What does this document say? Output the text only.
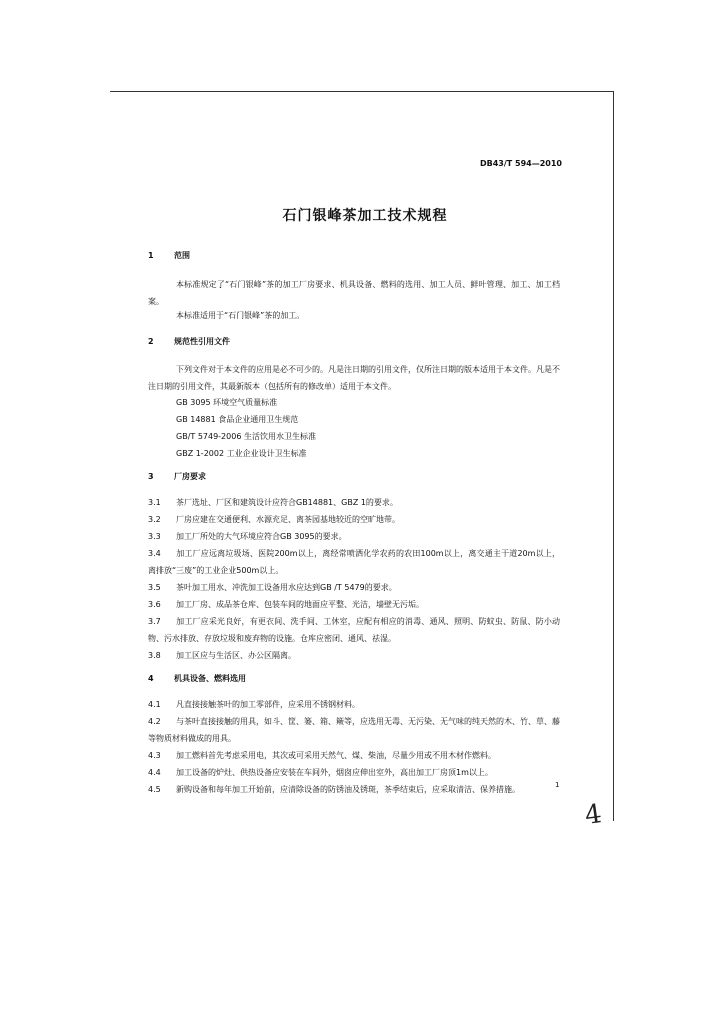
DB43/T 594—2010
石门银峰茶加工技术规程
1	范围
本标准规定了“石门银峰”茶的加工厂房要求、机具设备、燃料的选用、加工人员、鲜叶管理、加工、加工档案。
本标准适用于“石门银峰”茶的加工。
2	规范性引用文件
下列文件对于本文件的应用是必不可少的。凡是注日期的引用文件，仅所注日期的版本适用于本文件。凡是不注日期的引用文件，其最新版本（包括所有的修改单）适用于本文件。
GB 3095 环境空气质量标准
GB 14881 食品企业通用卫生规范
GB/T 5749-2006 生活饮用水卫生标准
GBZ 1-2002 工业企业设计卫生标准
3	厂房要求
3.1 茶厂选址、厂区和建筑设计应符合GB14881、GBZ 1的要求。
3.2 厂房应建在交通便利、水源充足、离茶园基地较近的空旷地带。
3.3 加工厂所处的大气环境应符合GB 3095的要求。
3.4 加工厂应远离垃圾场、医院200m以上，离经常喷洒化学农药的农田100m以上，离交通主干道20m以上，离排放“三废”的工业企业500m以上。
3.5 茶叶加工用水、冲洗加工设备用水应达到GB /T 5479的要求。
3.6 加工厂房、成品茶仓库、包装车间的地面应平整、光洁，墙壁无污垢。
3.7 加工厂应采光良好，有更衣间、洗手间、工休室，应配有相应的消毒、通风、照明、防蚊虫、防鼠、防小动物、污水排放、存放垃圾和废弃物的设施。仓库应密闭、通风、祛湿。
3.8 加工区应与生活区、办公区隔离。
4	机具设备、燃料选用
4.1 凡直接接触茶叶的加工零部件，应采用不锈钢材料。
4.2 与茶叶直接接触的用具，如斗、筐、篓、箱、簸等，应选用无毒、无污染、无气味的纯天然的木、竹、草、藤等物质材料做成的用具。
4.3 加工燃料首先考虑采用电，其次或可采用天然气、煤、柴油，尽量少用或不用木材作燃料。
4.4 加工设备的炉灶、供热设备应安装在车间外，烟囱应伸出室外，高出加工厂房顶1m以上。
4.5 新购设备和每年加工开始前，应清除设备的防锈油及锈斑，茶季结束后，应采取清洁、保养措施。	1
4
